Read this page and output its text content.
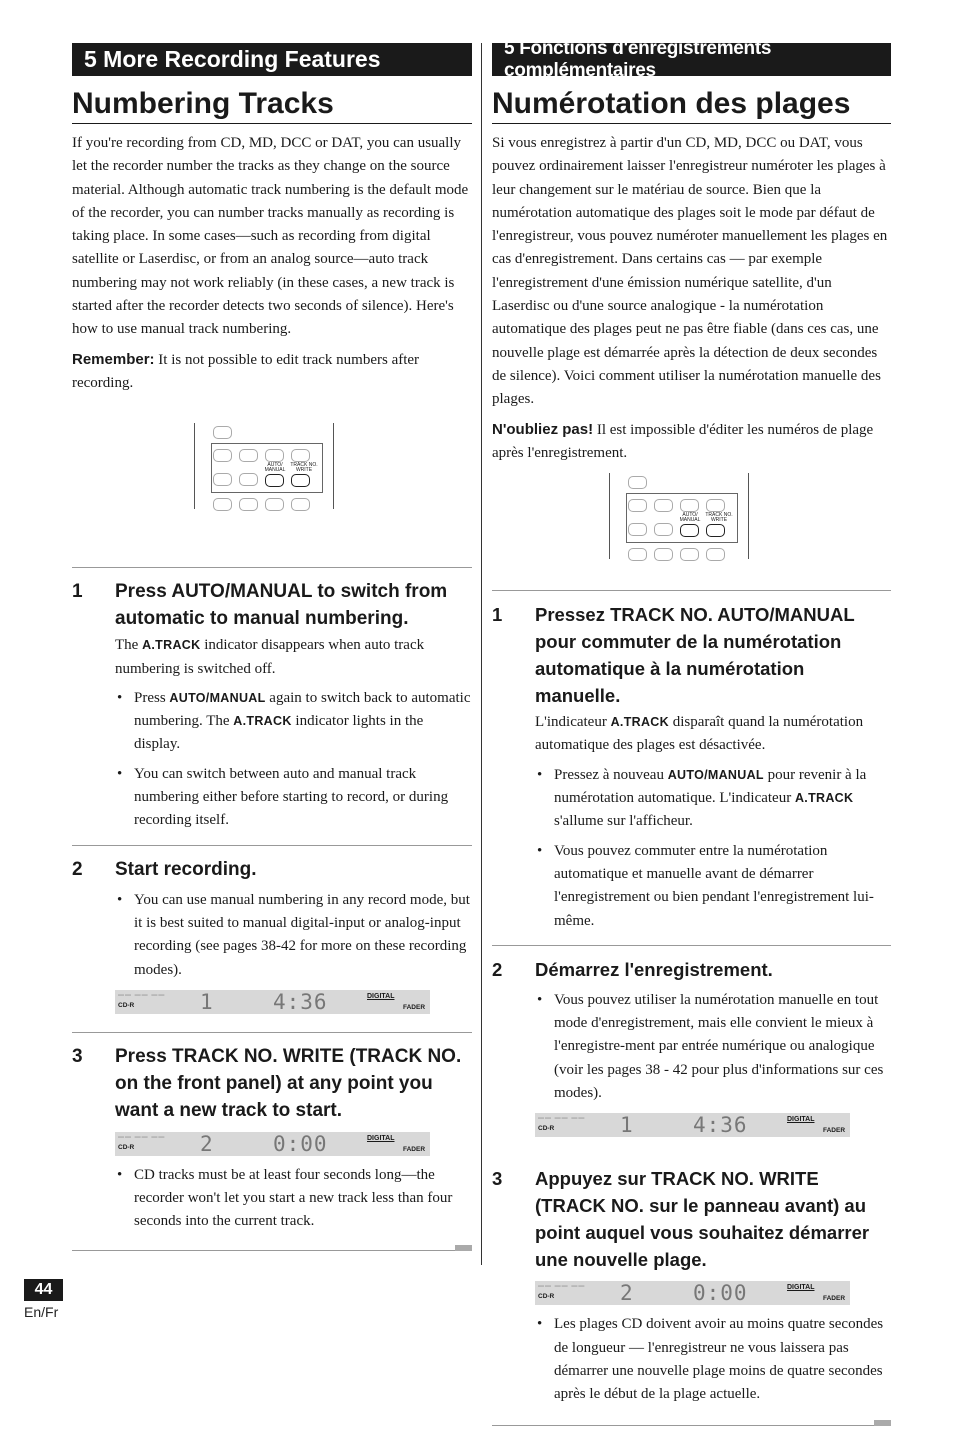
5 More Recording Features
Numbering Tracks

If you're recording from CD, MD, DCC or DAT, you can usually let the recorder number the tracks as they change on the source material. Although automatic track numbering is the default mode of the recorder, you can number tracks manually as recording is taking place. In some cases—such as recording from digital satellite or Laserdisc, or from an analog source—auto track numbering may not work reliably (in these cases, a new track is started after the recorder detects two seconds of silence). Here's how to use manual track numbering.

Remember: It is not possible to edit track numbers after recording.

AUTO/ MANUAL
TRACK NO. WRITE
1	Press AUTO/MANUAL to switch from automatic to manual numbering.

The A.TRACK indicator disappears when auto track numbering is switched off.

• Press AUTO/MANUAL again to switch back to automatic numbering. The A.TRACK indicator lights in the display.
• You can switch between auto and manual track numbering either before starting to record, or during recording itself.
2	Start recording.
• You can use manual numbering in any record mode, but it is best suited to manual digital-input or analog-input recording (see pages 38-42 for more on these recording modes).
▬▬ ▬▬ ▬▬
CD-R	1	4:36	DIGITAL
FADER
3	Press TRACK NO. WRITE (TRACK NO. on the front panel) at any point you want a new track to start.
▬▬ ▬▬ ▬▬
CD-R	2	0:00	DIGITAL
FADER
• CD tracks must be at least four seconds long—the recorder won't let you start a new track less than four seconds into the current track.
5 Fonctions d'enregistrements complémentaires
Numérotation des plages

Si vous enregistrez à partir d'un CD, MD, DCC ou DAT, vous pouvez ordinairement laisser l'enregistreur numéroter les plages à leur changement sur le matériau de source. Bien que la numérotation automatique des plages soit le mode par défaut de l'enregistreur, vous pouvez numéroter manuellement les plages en cas d'enregistrement. Dans certains cas — par exemple l'enregistrement d'une émission numérique satellite, d'un Laserdisc ou d'une source analogique - la numérotation automatique des plages peut ne pas être fiable (dans ces cas, une nouvelle plage est démarrée après la détection de deux secondes de silence). Voici comment utiliser la numérotation manuelle des plages.

N'oubliez pas! Il est impossible d'éditer les numéros de plage après l'enregistrement.

AUTO/ MANUAL
TRACK NO. WRITE
1	Pressez TRACK NO. AUTO/MANUAL pour commuter de la numérotation automatique à la numérotation manuelle.

L'indicateur A.TRACK disparaît quand la numérotation automatique des plages est désactivée.

• Pressez à nouveau AUTO/MANUAL pour revenir à la numérotation automatique. L'indicateur A.TRACK s'allume sur l'afficheur.
• Vous pouvez commuter entre la numérotation automatique et manuelle avant de démarrer l'enregistrement ou bien pendant l'enregistrement lui-même.
2	Démarrez l'enregistrement.
• Vous pouvez utiliser la numérotation manuelle en tout mode d'enregistrement, mais elle convient le mieux à l'enregistre-ment par entrée numérique ou analogique (voir les pages 38 - 42 pour plus d'informations sur ces modes).
▬▬ ▬▬ ▬▬
CD-R	1	4:36	DIGITAL
FADER
3	Appuyez sur TRACK NO. WRITE (TRACK NO. sur le panneau avant) au point auquel vous souhaitez démarrer une nouvelle plage.
▬▬ ▬▬ ▬▬
CD-R	2	0:00	DIGITAL
FADER
• Les plages CD doivent avoir au moins quatre secondes de longueur — l'enregistreur ne vous laissera pas démarrer une nouvelle plage moins de quatre secondes après le début de la plage actuelle.
44
En/Fr
